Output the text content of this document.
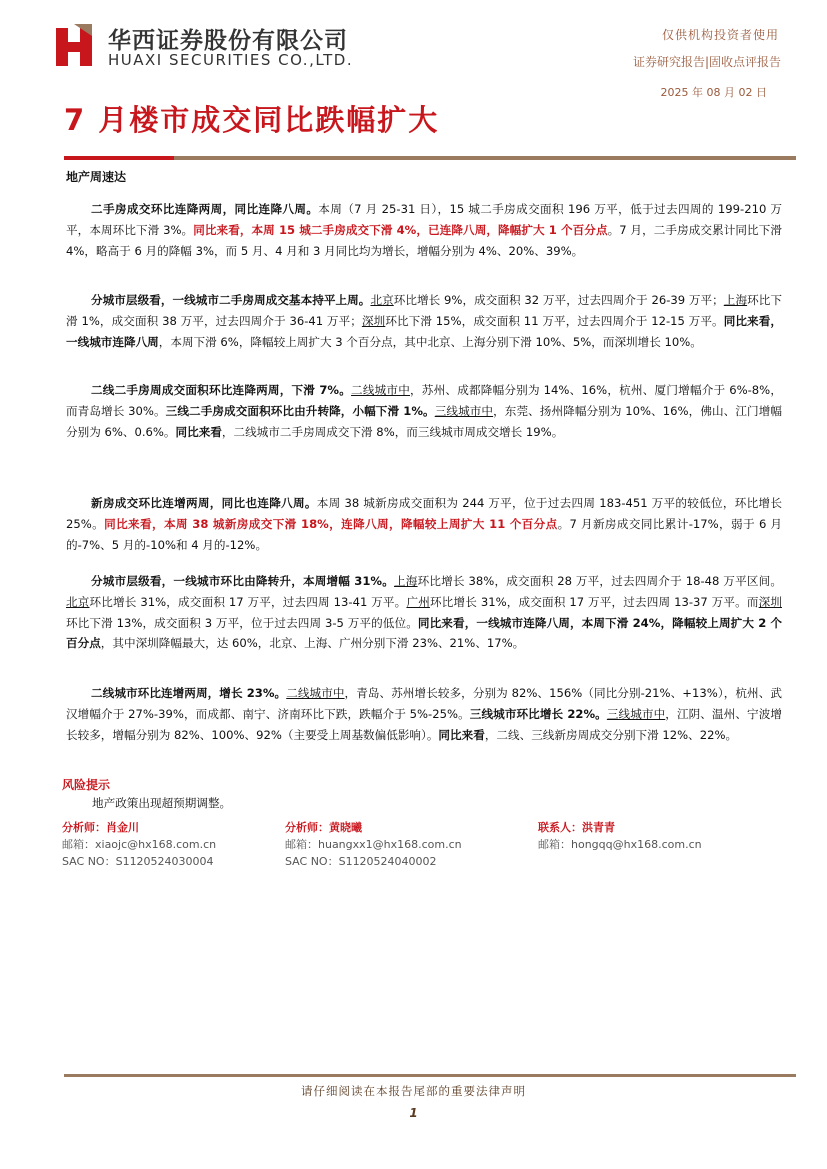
华西证券股份有限公司
HUAXI SECURITIES CO.,LTD.
仅供机构投资者使用
证券研究报告|固收点评报告
2025 年 08 月 02 日
7 月楼市成交同比跌幅扩大
地产周速达

二手房成交环比连降两周，同比连降八周。本周（7 月 25-31 日），15 城二手房成交面积 196 万平，低于过去四周的 199-210 万平，本周环比下滑 3%。同比来看，本周 15 城二手房成交下滑 4%，已连降八周，降幅扩大 1 个百分点。7 月，二手房成交累计同比下滑 4%，略高于 6 月的降幅 3%，而 5 月、4 月和 3 月同比均为增长，增幅分别为 4%、20%、39%。

分城市层级看，一线城市二手房周成交基本持平上周。北京环比增长 9%，成交面积 32 万平，过去四周介于 26-39 万平；上海环比下滑 1%，成交面积 38 万平，过去四周介于 36-41 万平；深圳环比下滑 15%，成交面积 11 万平，过去四周介于 12-15 万平。同比来看，一线城市连降八周，本周下滑 6%，降幅较上周扩大 3 个百分点，其中北京、上海分别下滑 10%、5%，而深圳增长 10%。

二线二手房周成交面积环比连降两周，下滑 7%。二线城市中，苏州、成都降幅分别为 14%、16%，杭州、厦门增幅介于 6%-8%，而青岛增长 30%。三线二手房成交面积环比由升转降，小幅下滑 1%。三线城市中，东莞、扬州降幅分别为 10%、16%，佛山、江门增幅分别为 6%、0.6%。同比来看，二线城市二手房周成交下滑 8%，而三线城市周成交增长 19%。

新房成交环比连增两周，同比也连降八周。本周 38 城新房成交面积为 244 万平，位于过去四周 183-451 万平的较低位，环比增长 25%。同比来看，本周 38 城新房成交下滑 18%，连降八周，降幅较上周扩大 11 个百分点。7 月新房成交同比累计-17%，弱于 6 月的-7%、5 月的-10%和 4 月的-12%。

分城市层级看，一线城市环比由降转升，本周增幅 31%。上海环比增长 38%，成交面积 28 万平，过去四周介于 18-48 万平区间。北京环比增长 31%，成交面积 17 万平，过去四周 13-41 万平。广州环比增长 31%，成交面积 17 万平，过去四周 13-37 万平。而深圳环比下滑 13%，成交面积 3 万平，位于过去四周 3-5 万平的低位。同比来看，一线城市连降八周，本周下滑 24%，降幅较上周扩大 2 个百分点，其中深圳降幅最大，达 60%，北京、上海、广州分别下滑 23%、21%、17%。

二线城市环比连增两周，增长 23%。二线城市中，青岛、苏州增长较多，分别为 82%、156%（同比分别-21%、+13%），杭州、武汉增幅介于 27%-39%，而成都、南宁、济南环比下跌，跌幅介于 5%-25%。三线城市环比增长 22%。三线城市中，江阴、温州、宁波增长较多，增幅分别为 82%、100%、92%（主要受上周基数偏低影响）。同比来看，二线、三线新房周成交分别下滑 12%、22%。

风险提示
地产政策出现超预期调整。
分析师：肖金川
邮箱：xiaojc@hx168.com.cn
SAC NO：S1120524030004
分析师：黄晓曦
邮箱：huangxx1@hx168.com.cn
SAC NO：S1120524040002
联系人：洪青青
邮箱：hongqq@hx168.com.cn
请仔细阅读在本报告尾部的重要法律声明
1
